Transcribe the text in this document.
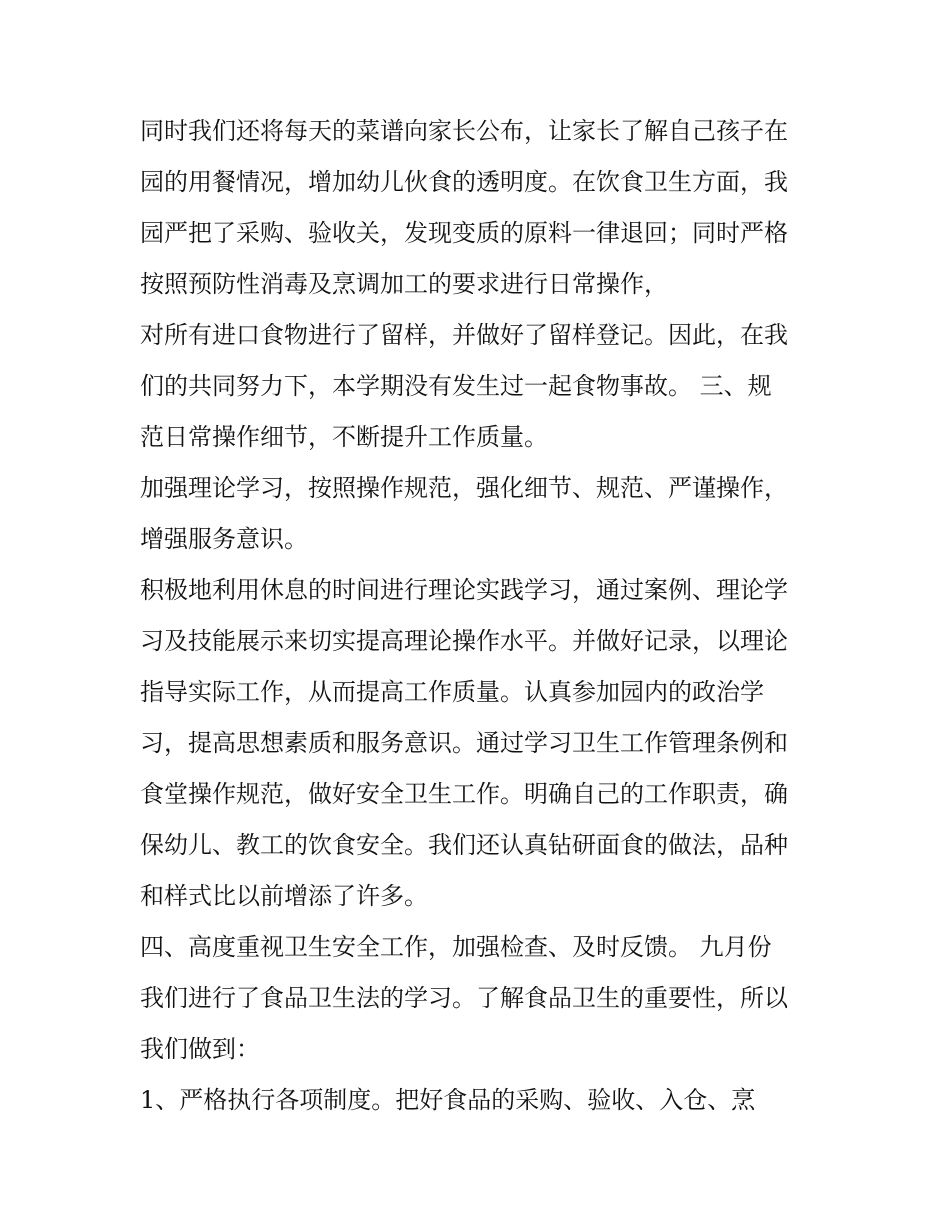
同时我们还将每天的菜谱向家长公布，让家长了解自己孩子在
园的用餐情况，增加幼儿伙食的透明度。在饮食卫生方面，我
园严把了采购、验收关，发现变质的原料一律退回；同时严格
按照预防性消毒及烹调加工的要求进行日常操作，
对所有进口食物进行了留样，并做好了留样登记。因此，在我
们的共同努力下，本学期没有发生过一起食物事故。 三、规
范日常操作细节，不断提升工作质量。
加强理论学习，按照操作规范，强化细节、规范、严谨操作，
增强服务意识。
积极地利用休息的时间进行理论实践学习，通过案例、理论学
习及技能展示来切实提高理论操作水平。并做好记录，以理论
指导实际工作，从而提高工作质量。认真参加园内的政治学
习，提高思想素质和服务意识。通过学习卫生工作管理条例和
食堂操作规范，做好安全卫生工作。明确自己的工作职责，确
保幼儿、教工的饮食安全。我们还认真钻研面食的做法，品种
和样式比以前增添了许多。
四、高度重视卫生安全工作，加强检查、及时反馈。 九月份
我们进行了食品卫生法的学习。了解食品卫生的重要性，所以
我们做到：
1、严格执行各项制度。把好食品的采购、验收、入仓、烹
